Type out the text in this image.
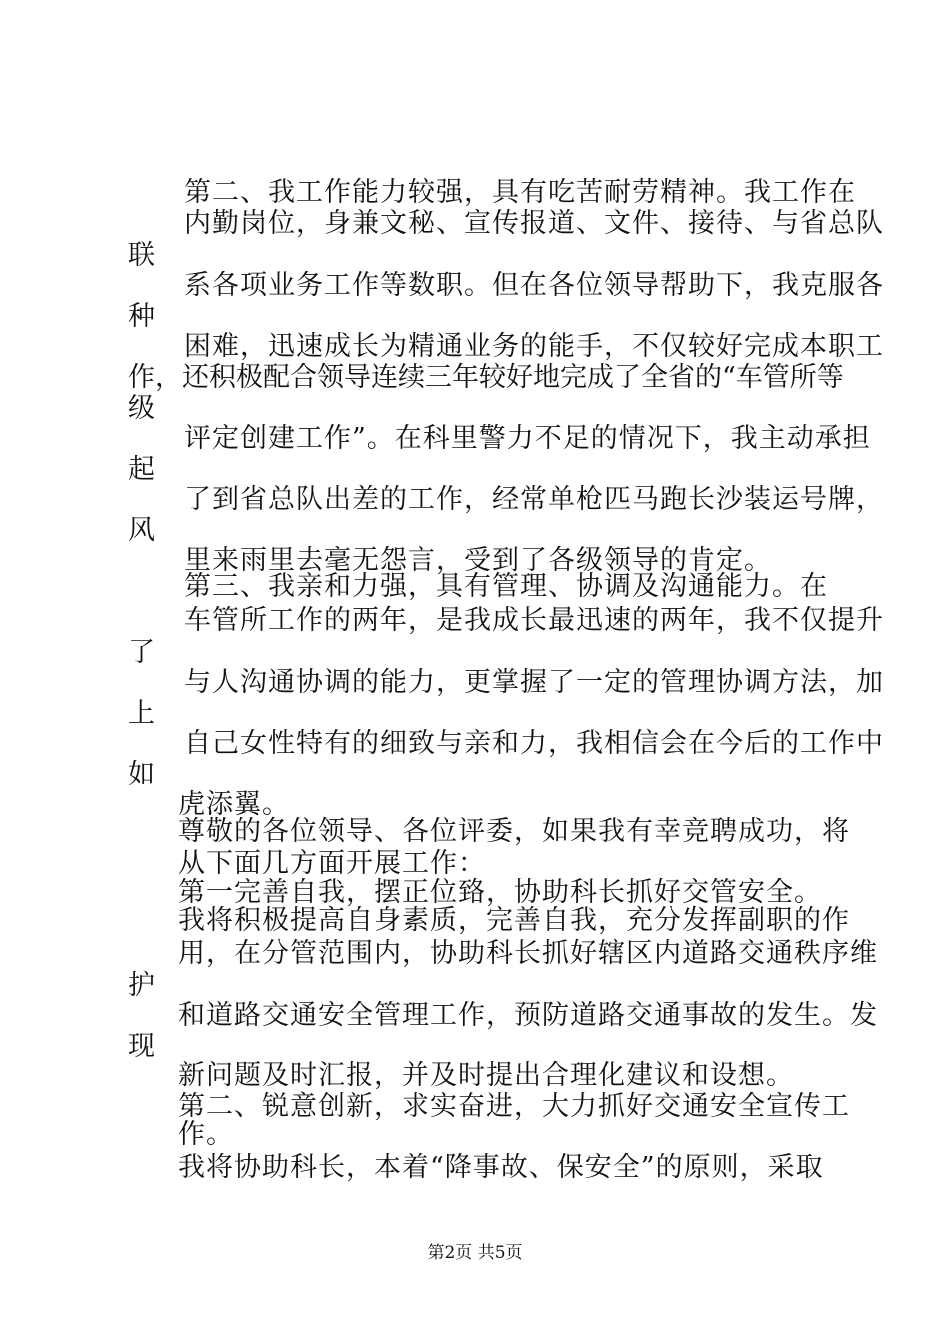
第二、我工作能力较强，具有吃苦耐劳精神。我工作在
内勤岗位，身兼文秘、宣传报道、文件、接待、与省总队
联
系各项业务工作等数职。但在各位领导帮助下，我克服各
种
困难，迅速成长为精通业务的能手，不仅较好完成本职工
作，还积极配合领导连续三年较好地完成了全省的“车管所等
级
评定创建工作”。在科里警力不足的情况下，我主动承担
起
了到省总队出差的工作，经常单枪匹马跑长沙装运号牌，
风
里来雨里去毫无怨言，受到了各级领导的肯定。
第三、我亲和力强，具有管理、协调及沟通能力。在
车管所工作的两年，是我成长最迅速的两年，我不仅提升
了
与人沟通协调的能力，更掌握了一定的管理协调方法，加
上
自己女性特有的细致与亲和力，我相信会在今后的工作中
如
虎添翼。
尊敬的各位领导、各位评委，如果我有幸竞聘成功，将
从下面几方面开展工作：
第一完善自我，摆正位臵，协助科长抓好交管安全。
我将积极提高自身素质，完善自我，充分发挥副职的作
用，在分管范围内，协助科长抓好辖区内道路交通秩序维
护
和道路交通安全管理工作，预防道路交通事故的发生。发
现
新问题及时汇报，并及时提出合理化建议和设想。
第二、锐意创新，求实奋进，大力抓好交通安全宣传工
作。
我将协助科长，本着“降事故、保安全”的原则，采取
第2页 共5页
